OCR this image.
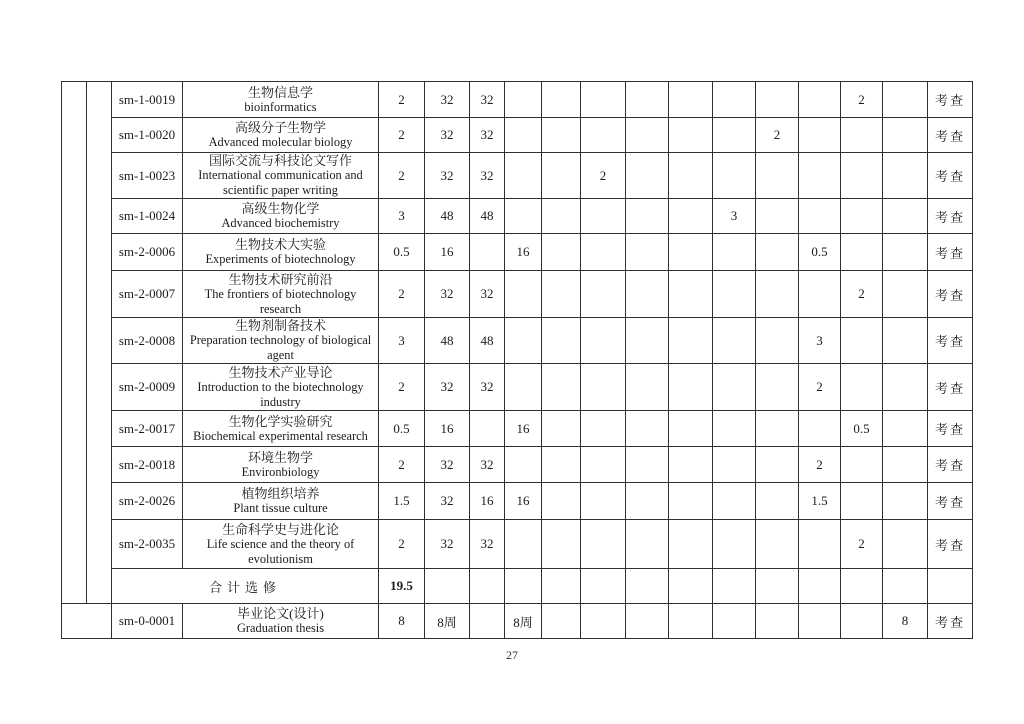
		sm-1-0019	生物信息学
bioinformatics	2	32	32									2		考查
		sm-1-0020	高级分子生物学
Advanced molecular biology	2	32	32							2				考查
		sm-1-0023	国际交流与科技论文写作
International communication and scientific paper writing	2	32	32			2								考查
		sm-1-0024	高级生物化学
Advanced biochemistry	3	48	48						3					考查
		sm-2-0006	生物技术大实验
Experiments of biotechnology	0.5	16		16							0.5			考查
		sm-2-0007	生物技术研究前沿
The frontiers of biotechnology research	2	32	32									2		考查
		sm-2-0008	生物剂制备技术
Preparation technology of biological agent	3	48	48								3			考查
		sm-2-0009	生物技术产业导论
Introduction to the biotechnology industry	2	32	32								2			考查
		sm-2-0017	生物化学实验研究
Biochemical experimental research	0.5	16		16								0.5		考查
		sm-2-0018	环境生物学
Environbiology	2	32	32								2			考查
		sm-2-0026	植物组织培养
Plant tissue culture	1.5	32	16	16							1.5			考查
		sm-2-0035	生命科学史与进化论
Life science and the theory of evolutionism	2	32	32									2		考查
		合计选修		19.5													
		sm-0-0001	毕业论文(设计)
Graduation thesis	8	8周		8周									8	考查
27
